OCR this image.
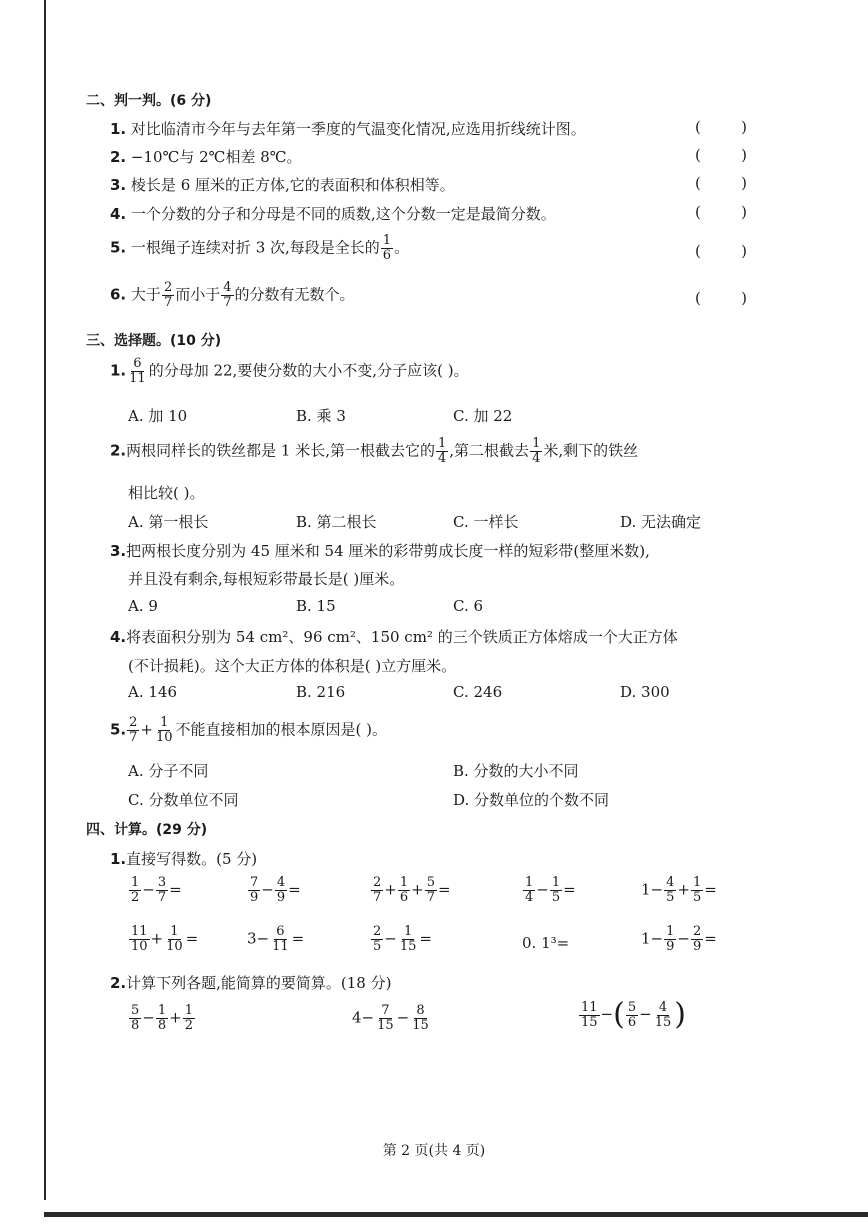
二、判一判。(6 分)
1. 对比临清市今年与去年第一季度的气温变化情况,应选用折线统计图。	(	)
2. −10℃与 2℃相差 8℃。	(	)
3. 棱长是 6 厘米的正方体,它的表面积和体积相等。	(	)
4. 一个分数的分子和分母是不同的质数,这个分数一定是最简分数。	(	)
5. 一根绳子连续对折 3 次,每段是全长的 $\frac{1}{6}$ 。	(	)
6. 大于 $\frac{2}{7}$ 而小于 $\frac{4}{7}$ 的分数有无数个。	(	)
三、选择题。(10 分)
1. $\frac{6}{11}$ 的分母加 22,要使分数的大小不变,分子应该( )。
A. 加 10	B. 乘 3	C. 加 22
2.两根同样长的铁丝都是 1 米长,第一根截去它的 $\frac{1}{4}$ ,第二根截去 $\frac{1}{4}$ 米,剩下的铁丝
相比较( )。
A. 第一根长	B. 第二根长	C. 一样长	D. 无法确定
3.把两根长度分别为 45 厘米和 54 厘米的彩带剪成长度一样的短彩带(整厘米数),
并且没有剩余,每根短彩带最长是( )厘米。
A. 9	B. 15	C. 6
4.将表面积分别为 54 cm²、96 cm²、150 cm² 的三个铁质正方体熔成一个大正方体
(不计损耗)。这个大正方体的体积是( )立方厘米。
A. 146	B. 216	C. 246	D. 300
5. $\frac{2}{7} + \frac{1}{10}$ 不能直接相加的根本原因是( )。
A. 分子不同	B. 分数的大小不同
C. 分数单位不同	D. 分数单位的个数不同
四、计算。(29 分)
1.直接写得数。(5 分)
$\frac{1}{2} - \frac{3}{7}$ =	$\frac{7}{9} - \frac{4}{9}$ =	$\frac{2}{7} + \frac{1}{6} + \frac{5}{7}$ =	$\frac{1}{4} - \frac{1}{5}$ =	$1- \frac{4}{5} + \frac{1}{5}$ =
$\frac{11}{10} + \frac{1}{10}$ =	$3- \frac{6}{11}$ =	$\frac{2}{5} - \frac{1}{15}$ =	0. 1³=	$1- \frac{1}{9} - \frac{2}{9}$ =
2.计算下列各题,能简算的要简算。(18 分)
$\frac{5}{8} - \frac{1}{8} + \frac{1}{2}$	$4- \frac{7}{15} - \frac{8}{15}$	$\frac{11}{15}$ −( $\frac{5}{6} - \frac{4}{15}$ )
第 2 页(共 4 页)
